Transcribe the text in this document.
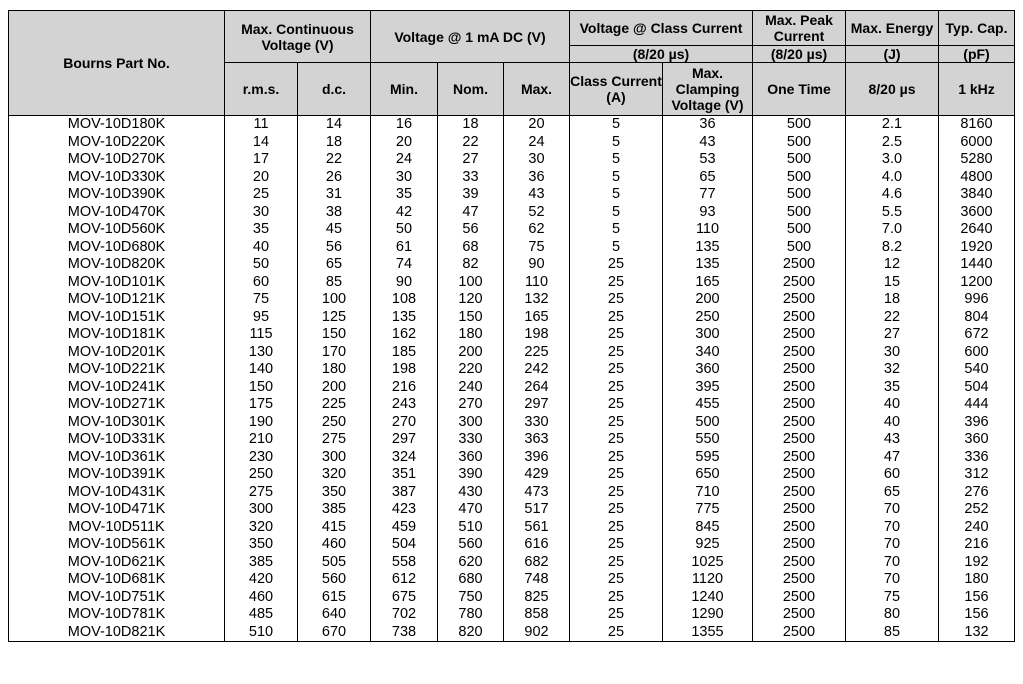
Bourns Part No.	Max. Continuous Voltage (V)		Voltage @ 1 mA DC (V)			Voltage @ Class Current		Max. Peak Current	Max. Energy	Typ. Cap.
						(8/20 µs)		(8/20 µs)	(J)	(pF)
	r.m.s.	d.c.	Min.	Nom.	Max.	Class Current (A)	Max. Clamping Voltage (V)	One Time	8/20 µs	1 kHz
MOV-10D180K	11	14	16	18	20	5	36	500	2.1	8160
MOV-10D220K	14	18	20	22	24	5	43	500	2.5	6000
MOV-10D270K	17	22	24	27	30	5	53	500	3.0	5280
MOV-10D330K	20	26	30	33	36	5	65	500	4.0	4800
MOV-10D390K	25	31	35	39	43	5	77	500	4.6	3840
MOV-10D470K	30	38	42	47	52	5	93	500	5.5	3600
MOV-10D560K	35	45	50	56	62	5	110	500	7.0	2640
MOV-10D680K	40	56	61	68	75	5	135	500	8.2	1920
MOV-10D820K	50	65	74	82	90	25	135	2500	12	1440
MOV-10D101K	60	85	90	100	110	25	165	2500	15	1200
MOV-10D121K	75	100	108	120	132	25	200	2500	18	996
MOV-10D151K	95	125	135	150	165	25	250	2500	22	804
MOV-10D181K	115	150	162	180	198	25	300	2500	27	672
MOV-10D201K	130	170	185	200	225	25	340	2500	30	600
MOV-10D221K	140	180	198	220	242	25	360	2500	32	540
MOV-10D241K	150	200	216	240	264	25	395	2500	35	504
MOV-10D271K	175	225	243	270	297	25	455	2500	40	444
MOV-10D301K	190	250	270	300	330	25	500	2500	40	396
MOV-10D331K	210	275	297	330	363	25	550	2500	43	360
MOV-10D361K	230	300	324	360	396	25	595	2500	47	336
MOV-10D391K	250	320	351	390	429	25	650	2500	60	312
MOV-10D431K	275	350	387	430	473	25	710	2500	65	276
MOV-10D471K	300	385	423	470	517	25	775	2500	70	252
MOV-10D511K	320	415	459	510	561	25	845	2500	70	240
MOV-10D561K	350	460	504	560	616	25	925	2500	70	216
MOV-10D621K	385	505	558	620	682	25	1025	2500	70	192
MOV-10D681K	420	560	612	680	748	25	1120	2500	70	180
MOV-10D751K	460	615	675	750	825	25	1240	2500	75	156
MOV-10D781K	485	640	702	780	858	25	1290	2500	80	156
MOV-10D821K	510	670	738	820	902	25	1355	2500	85	132
